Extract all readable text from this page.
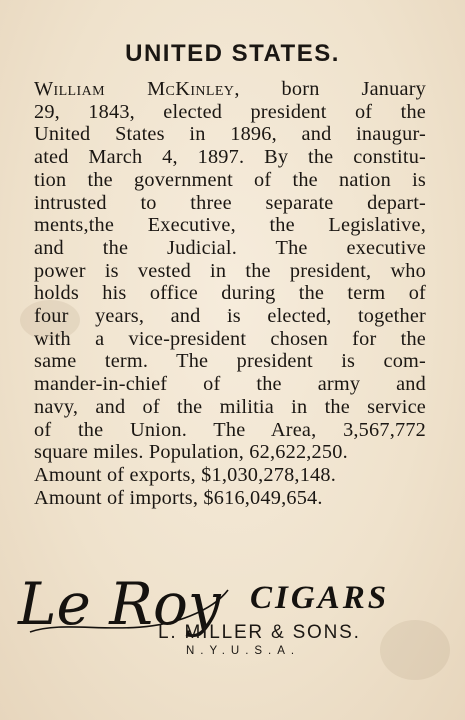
UNITED STATES.

William McKinley, born January
29, 1843, elected president of the
United States in 1896, and inaugur-
ated March 4, 1897. By the constitu-
tion the government of the nation is
intrusted to three separate depart-
ments,the Executive, the Legislative,
and the Judicial. The executive
power is vested in the president, who
holds his office during the term of
four years, and is elected, together
with a vice-president chosen for the
same term. The president is com-
mander-in-chief of the army and
navy, and of the militia in the service
of the Union. The Area, 3,567,772
square miles. Population, 62,622,250.
Amount of exports, $1,030,278,148.
Amount of imports, $616,049,654.

Le Roy CIGARS
L. MILLER & SONS.
N.Y.U.S.A.
